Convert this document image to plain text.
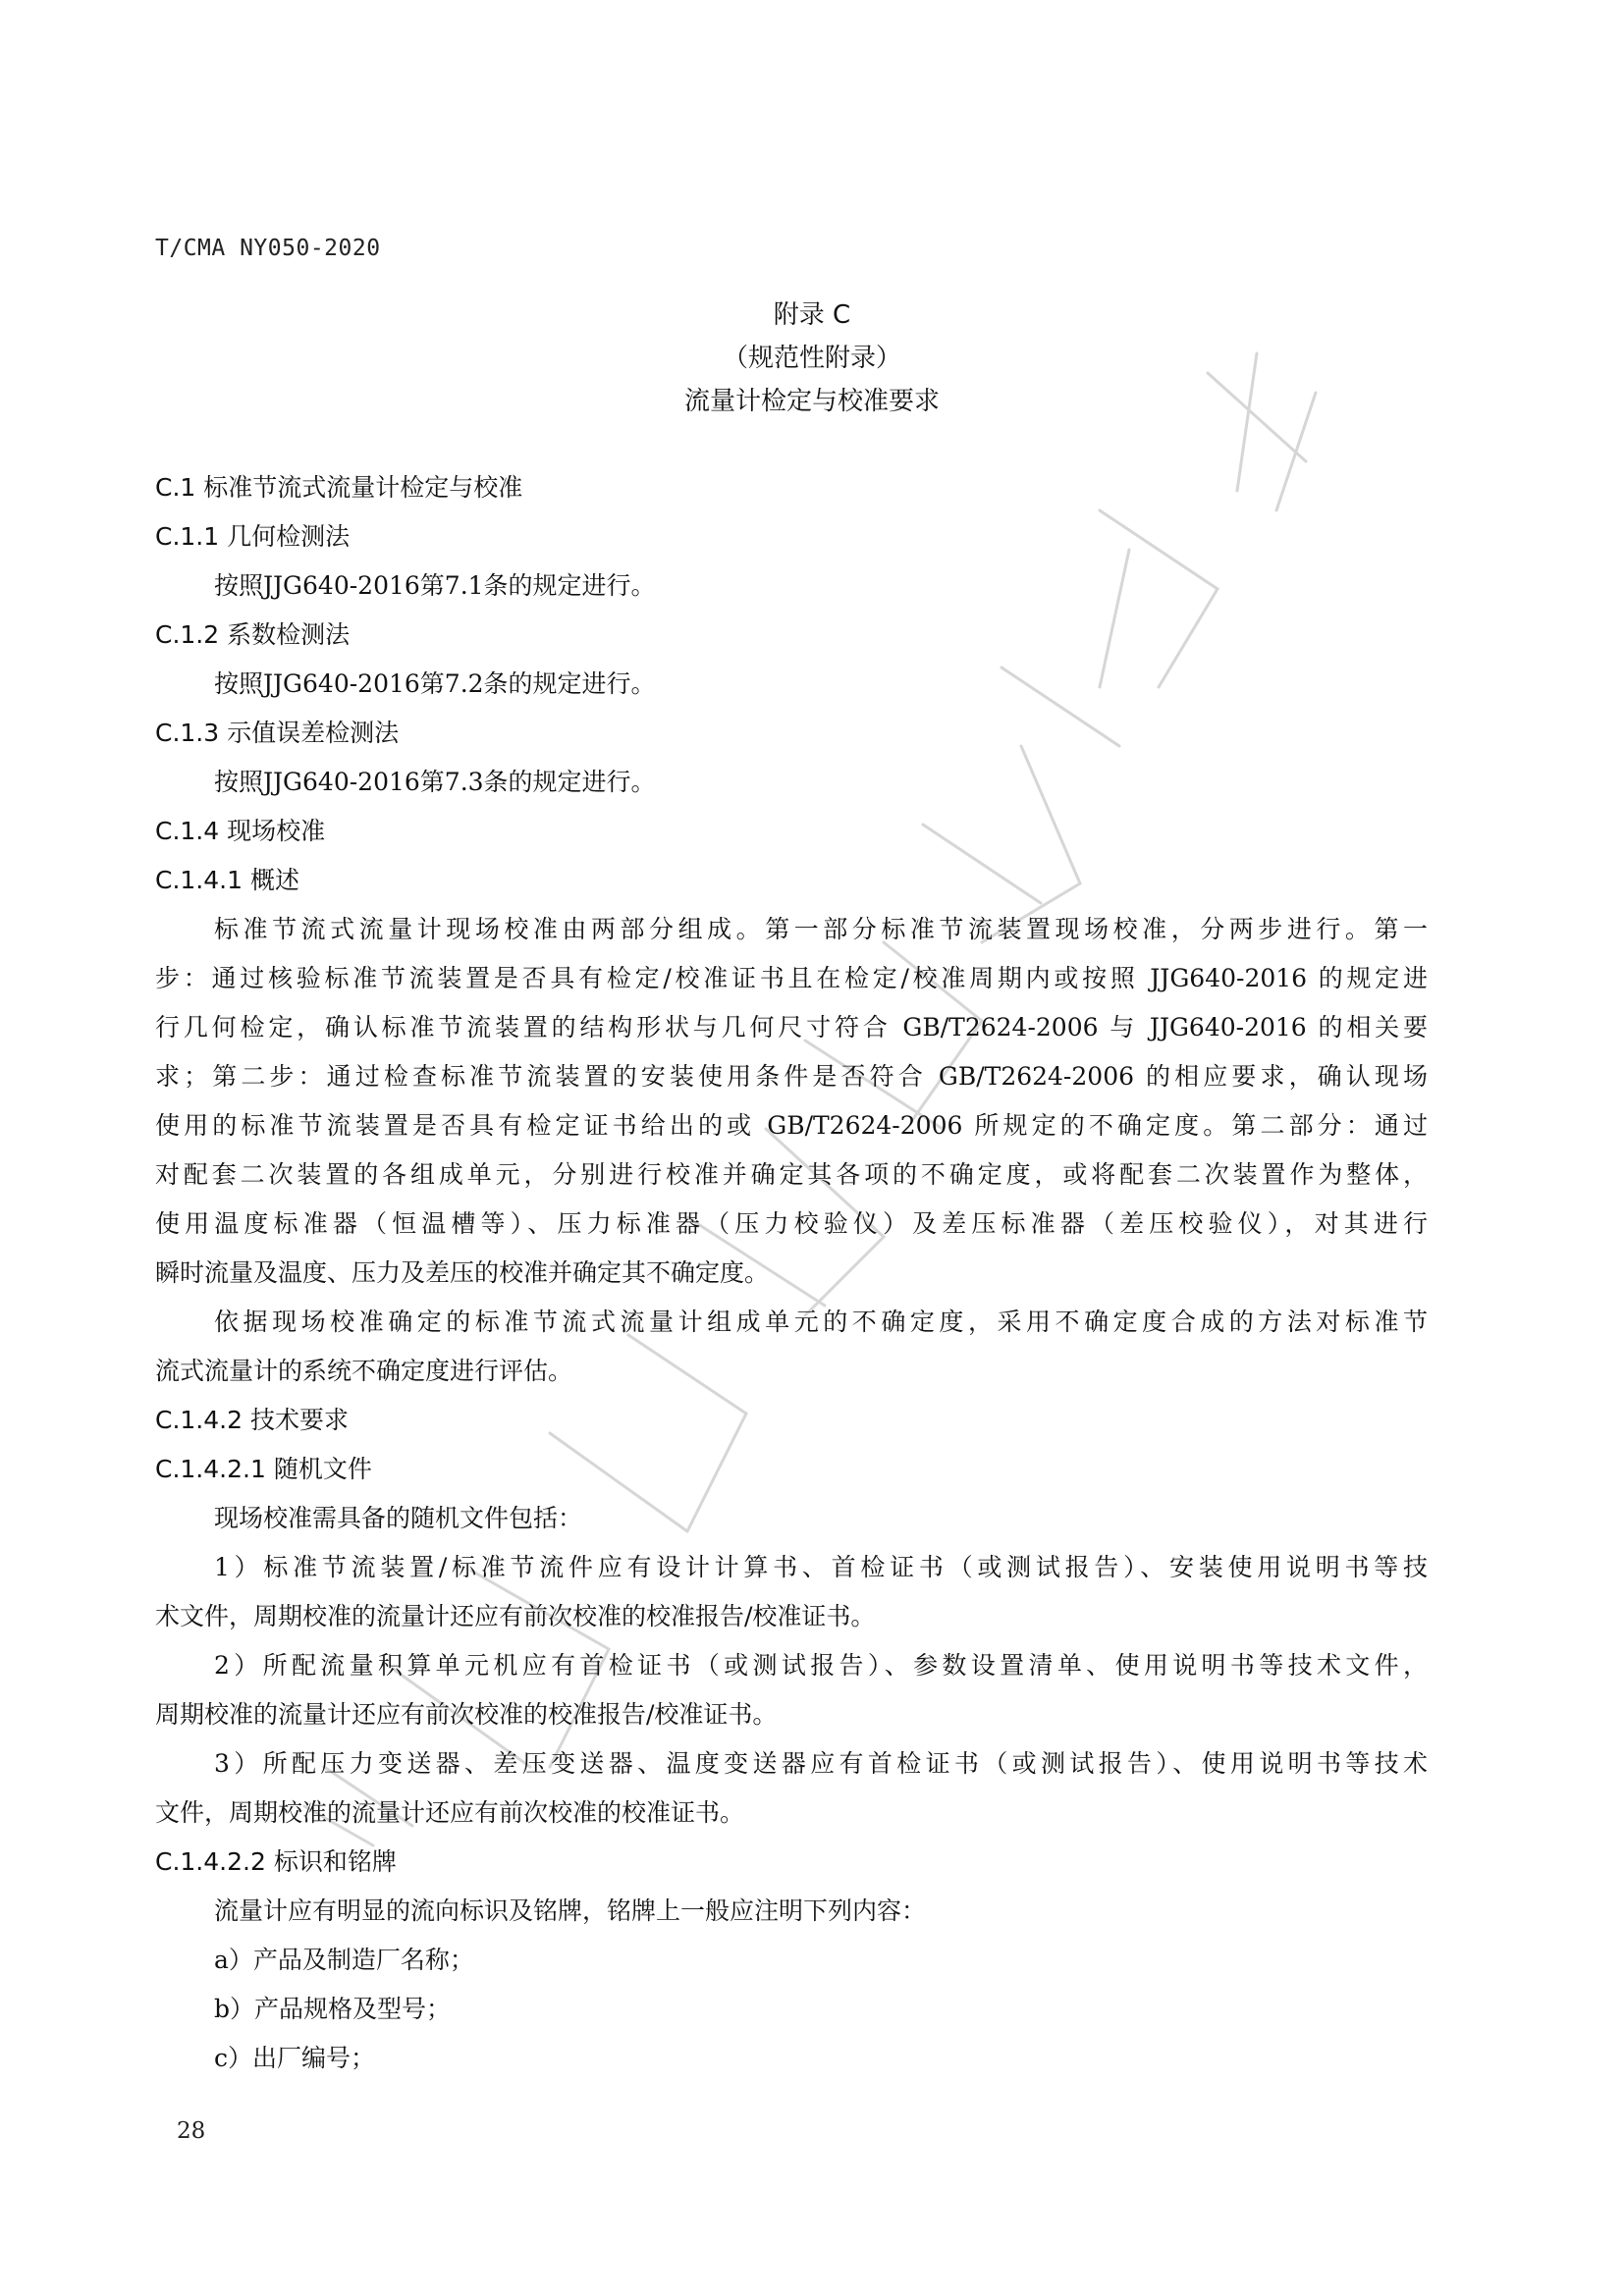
T/CMA NY050-2020
附录 C
（规范性附录）
流量计检定与校准要求
C.1 标准节流式流量计检定与校准
C.1.1 几何检测法
按照JJG640-2016第7.1条的规定进行。
C.1.2 系数检测法
按照JJG640-2016第7.2条的规定进行。
C.1.3 示值误差检测法
按照JJG640-2016第7.3条的规定进行。
C.1.4 现场校准
C.1.4.1 概述
标准节流式流量计现场校准由两部分组成。第一部分标准节流装置现场校准，分两步进行。第一
步：通过核验标准节流装置是否具有检定/校准证书且在检定/校准周期内或按照 JJG640-2016 的规定进
行几何检定，确认标准节流装置的结构形状与几何尺寸符合 GB/T2624-2006 与 JJG640-2016 的相关要
求；第二步：通过检查标准节流装置的安装使用条件是否符合 GB/T2624-2006 的相应要求，确认现场
使用的标准节流装置是否具有检定证书给出的或 GB/T2624-2006 所规定的不确定度。第二部分：通过
对配套二次装置的各组成单元，分别进行校准并确定其各项的不确定度，或将配套二次装置作为整体，
使用温度标准器（恒温槽等）、压力标准器（压力校验仪）及差压标准器（差压校验仪），对其进行
瞬时流量及温度、压力及差压的校准并确定其不确定度。
依据现场校准确定的标准节流式流量计组成单元的不确定度，采用不确定度合成的方法对标准节
流式流量计的系统不确定度进行评估。
C.1.4.2 技术要求
C.1.4.2.1 随机文件
现场校准需具备的随机文件包括：
1）标准节流装置/标准节流件应有设计计算书、首检证书（或测试报告）、安装使用说明书等技
术文件，周期校准的流量计还应有前次校准的校准报告/校准证书。
2）所配流量积算单元机应有首检证书（或测试报告）、参数设置清单、使用说明书等技术文件，
周期校准的流量计还应有前次校准的校准报告/校准证书。
3）所配压力变送器、差压变送器、温度变送器应有首检证书（或测试报告）、使用说明书等技术
文件，周期校准的流量计还应有前次校准的校准证书。
C.1.4.2.2 标识和铭牌
流量计应有明显的流向标识及铭牌，铭牌上一般应注明下列内容：
a）产品及制造厂名称；
b）产品规格及型号；
c）出厂编号；
28
